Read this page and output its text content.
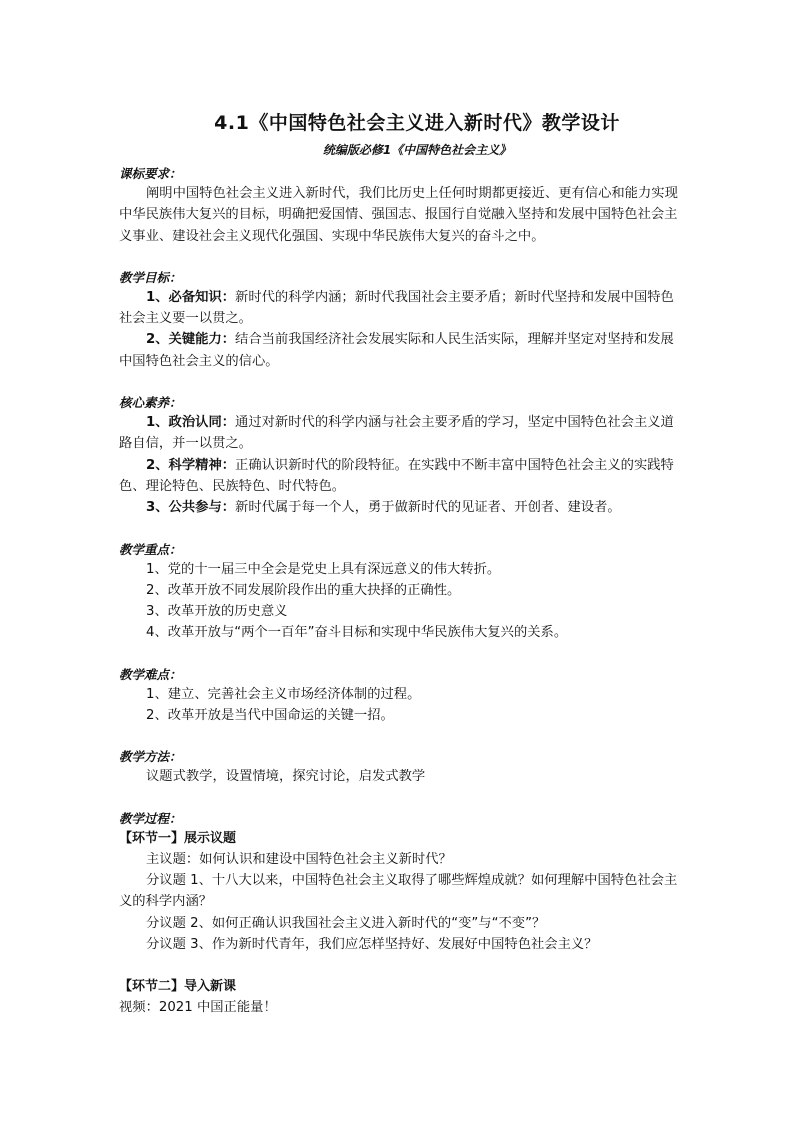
4.1《中国特色社会主义进入新时代》教学设计
统编版必修1《中国特色社会主义》
课标要求：

阐明中国特色社会主义进入新时代，我们比历史上任何时期都更接近、更有信心和能力实现中华民族伟大复兴的目标，明确把爱国情、强国志、报国行自觉融入坚持和发展中国特色社会主义事业、建设社会主义现代化强国、实现中华民族伟大复兴的奋斗之中。

教学目标：

1、必备知识：新时代的科学内涵；新时代我国社会主要矛盾；新时代坚持和发展中国特色社会主义要一以贯之。

2、关键能力：结合当前我国经济社会发展实际和人民生活实际，理解并坚定对坚持和发展中国特色社会主义的信心。

核心素养：

1、政治认同：通过对新时代的科学内涵与社会主要矛盾的学习，坚定中国特色社会主义道路自信，并一以贯之。

2、科学精神：正确认识新时代的阶段特征。在实践中不断丰富中国特色社会主义的实践特色、理论特色、民族特色、时代特色。

3、公共参与：新时代属于每一个人，勇于做新时代的见证者、开创者、建设者。

教学重点：

1、党的十一届三中全会是党史上具有深远意义的伟大转折。

2、改革开放不同发展阶段作出的重大抉择的正确性。

3、改革开放的历史意义

4、改革开放与“两个一百年”奋斗目标和实现中华民族伟大复兴的关系。

教学难点：

1、建立、完善社会主义市场经济体制的过程。

2、改革开放是当代中国命运的关键一招。

教学方法：

议题式教学，设置情境，探究讨论，启发式教学

教学过程：
【环节一】展示议题

主议题：如何认识和建设中国特色社会主义新时代？

分议题 1、十八大以来，中国特色社会主义取得了哪些辉煌成就？如何理解中国特色社会主义的科学内涵？

分议题 2、如何正确认识我国社会主义进入新时代的“变”与“不变”？

分议题 3、作为新时代青年，我们应怎样坚持好、发展好中国特色社会主义？

【环节二】导入新课

视频：2021 中国正能量！
